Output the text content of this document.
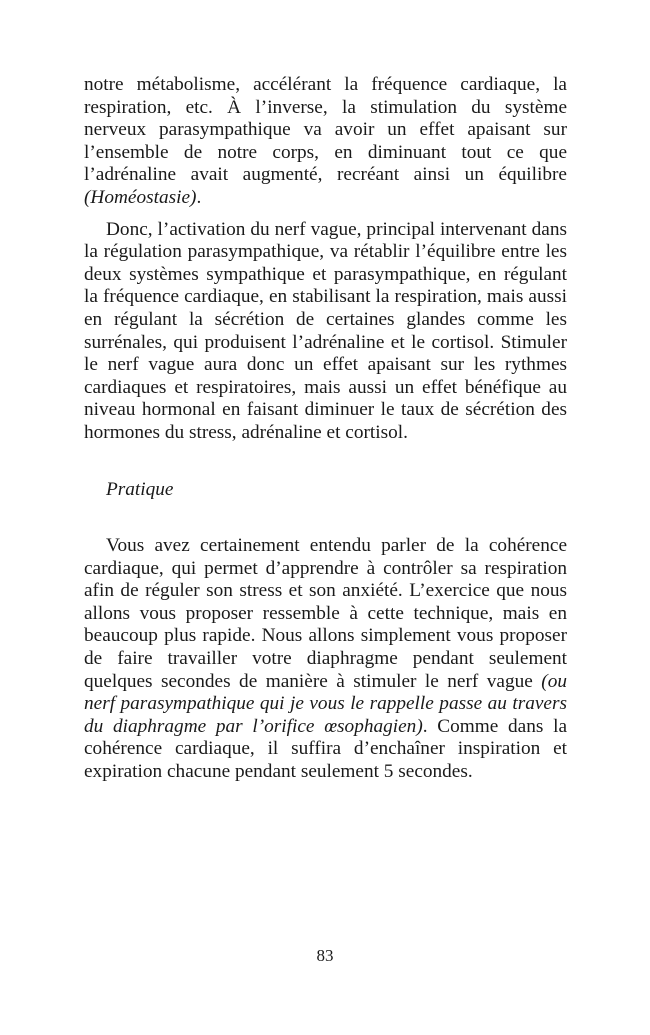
notre métabolisme, accélérant la fréquence cardiaque, la respiration, etc. À l’inverse, la stimulation du système nerveux parasympathique va avoir un effet apaisant sur l’ensemble de notre corps, en diminuant tout ce que l’adrénaline avait augmenté, recréant ainsi un équilibre (Homéostasie).

Donc, l’activation du nerf vague, principal intervenant dans la régulation parasympathique, va rétablir l’équilibre entre les deux systèmes sympathique et parasympathique, en régulant la fréquence cardiaque, en stabilisant la respiration, mais aussi en régulant la sécrétion de certaines glandes comme les surrénales, qui produisent l’adrénaline et le cortisol. Stimuler le nerf vague aura donc un effet apaisant sur les rythmes cardiaques et respiratoires, mais aussi un effet bénéfique au niveau hormonal en faisant diminuer le taux de sécrétion des hormones du stress, adrénaline et cortisol.

Pratique

Vous avez certainement entendu parler de la cohérence cardiaque, qui permet d’apprendre à contrôler sa respiration afin de réguler son stress et son anxiété. L’exercice que nous allons vous proposer ressemble à cette technique, mais en beaucoup plus rapide. Nous allons simplement vous proposer de faire travailler votre diaphragme pendant seulement quelques secondes de manière à stimuler le nerf vague (ou nerf parasympathique qui je vous le rappelle passe au travers du diaphragme par l’orifice œsophagien). Comme dans la cohérence cardiaque, il suffira d’enchaîner inspiration et expiration chacune pendant seulement 5 secondes.

83
